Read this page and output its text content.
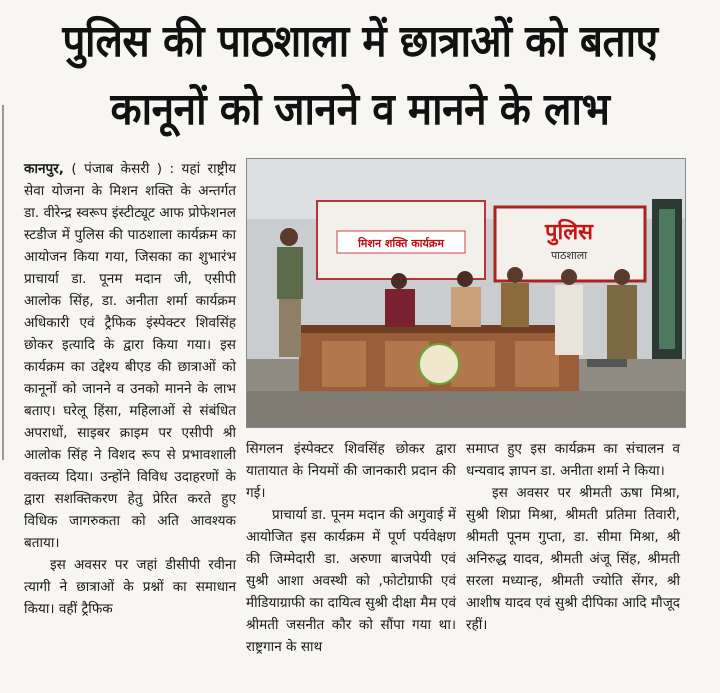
पुलिस की पाठशाला में छात्राओं को बताए
कानूनों को जानने व मानने के लाभ

कानपुर, ( पंजाब केसरी ) : यहां राष्ट्रीय सेवा योजना के मिशन शक्ति के अन्तर्गत डा. वीरेन्द्र स्वरूप इंस्टीट्यूट आफ प्रोफेशनल स्टडीज में पुलिस की पाठशाला कार्यक्रम का आयोजन किया गया, जिसका का शुभारंभ प्राचार्या डा. पूनम मदान जी, एसीपी आलोक सिंह, डा. अनीता शर्मा कार्यक्रम अधिकारी एवं ट्रैफिक इंस्पेक्टर शिवसिंह छोकर इत्यादि के द्वारा किया गया। इस कार्यक्रम का उद्देश्य बीएड की छात्राओं को कानूनों को जानने व उनको मानने के लाभ बताए। घरेलू हिंसा, महिलाओं से संबंधित अपराधों, साइबर क्राइम पर एसीपी श्री आलोक सिंह ने विशद रूप से प्रभावशाली वक्तव्य दिया। उन्होंने विविध उदाहरणों के द्वारा सशक्तिकरण हेतु प्रेरित करते हुए विधिक जागरुकता को अति आवश्यक बताया।

इस अवसर पर जहां डीसीपी रवीना त्यागी ने छात्राओं के प्रश्नों का समाधान किया। वहीं ट्रैफिक

मिशन शक्ति कार्यक्रम	पुलिस
पाठशाला

सिगलन इंस्पेक्टर शिवसिंह छोकर द्वारा यातायात के नियमों की जानकारी प्रदान की गई।

प्राचार्या डा. पूनम मदान की अगुवाई में आयोजित इस कार्यक्रम में पूर्ण पर्यवेक्षण की जिम्मेदारी डा. अरुणा बाजपेयी एवं सुश्री आशा अवस्थी को ,फोटोग्राफी एवं मीडियाग्राफी का दायित्व सुश्री दीक्षा मैम एवं श्रीमती जसनीत कौर को सौंपा गया था। राष्ट्रगान के साथ

समाप्त हुए इस कार्यक्रम का संचालन व धन्यवाद ज्ञापन डा. अनीता शर्मा ने किया।

इस अवसर पर श्रीमती ऊषा मिश्रा, सुश्री शिप्रा मिश्रा, श्रीमती प्रतिमा तिवारी, श्रीमती पूनम गुप्ता, डा. सीमा मिश्रा, श्री अनिरुद्ध यादव, श्रीमती अंजू सिंह, श्रीमती सरला मध्यान्ह, श्रीमती ज्योति सेंगर, श्री आशीष यादव एवं सुश्री दीपिका आदि मौजूद रहीं।
